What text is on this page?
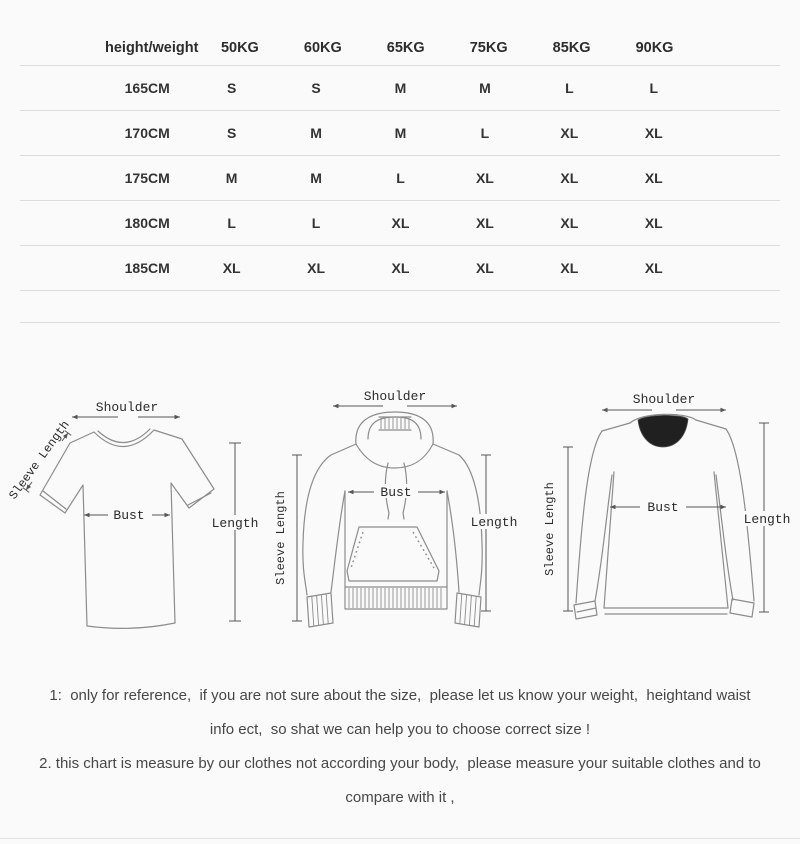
height/weight	50KG	60KG	65KG	75KG	85KG	90KG
165CM	S	S	M	M	L	L
170CM	S	M	M	L	XL	XL
175CM	M	M	L	XL	XL	XL
180CM	L	L	XL	XL	XL	XL
185CM	XL	XL	XL	XL	XL	XL
Shoulder
Sleeve Length
Bust
Length
Shoulder
Sleeve Length	Bust
Length
Shoulder
Sleeve Length	Bust
Length
1:  only for reference,  if you are not sure about the size,  please let us know your weight,  heightand waist
info ect,  so shat we can help you to choose correct size !
2. this chart is measure by our clothes not according your body,  please measure your suitable clothes and to
compare with it ,
